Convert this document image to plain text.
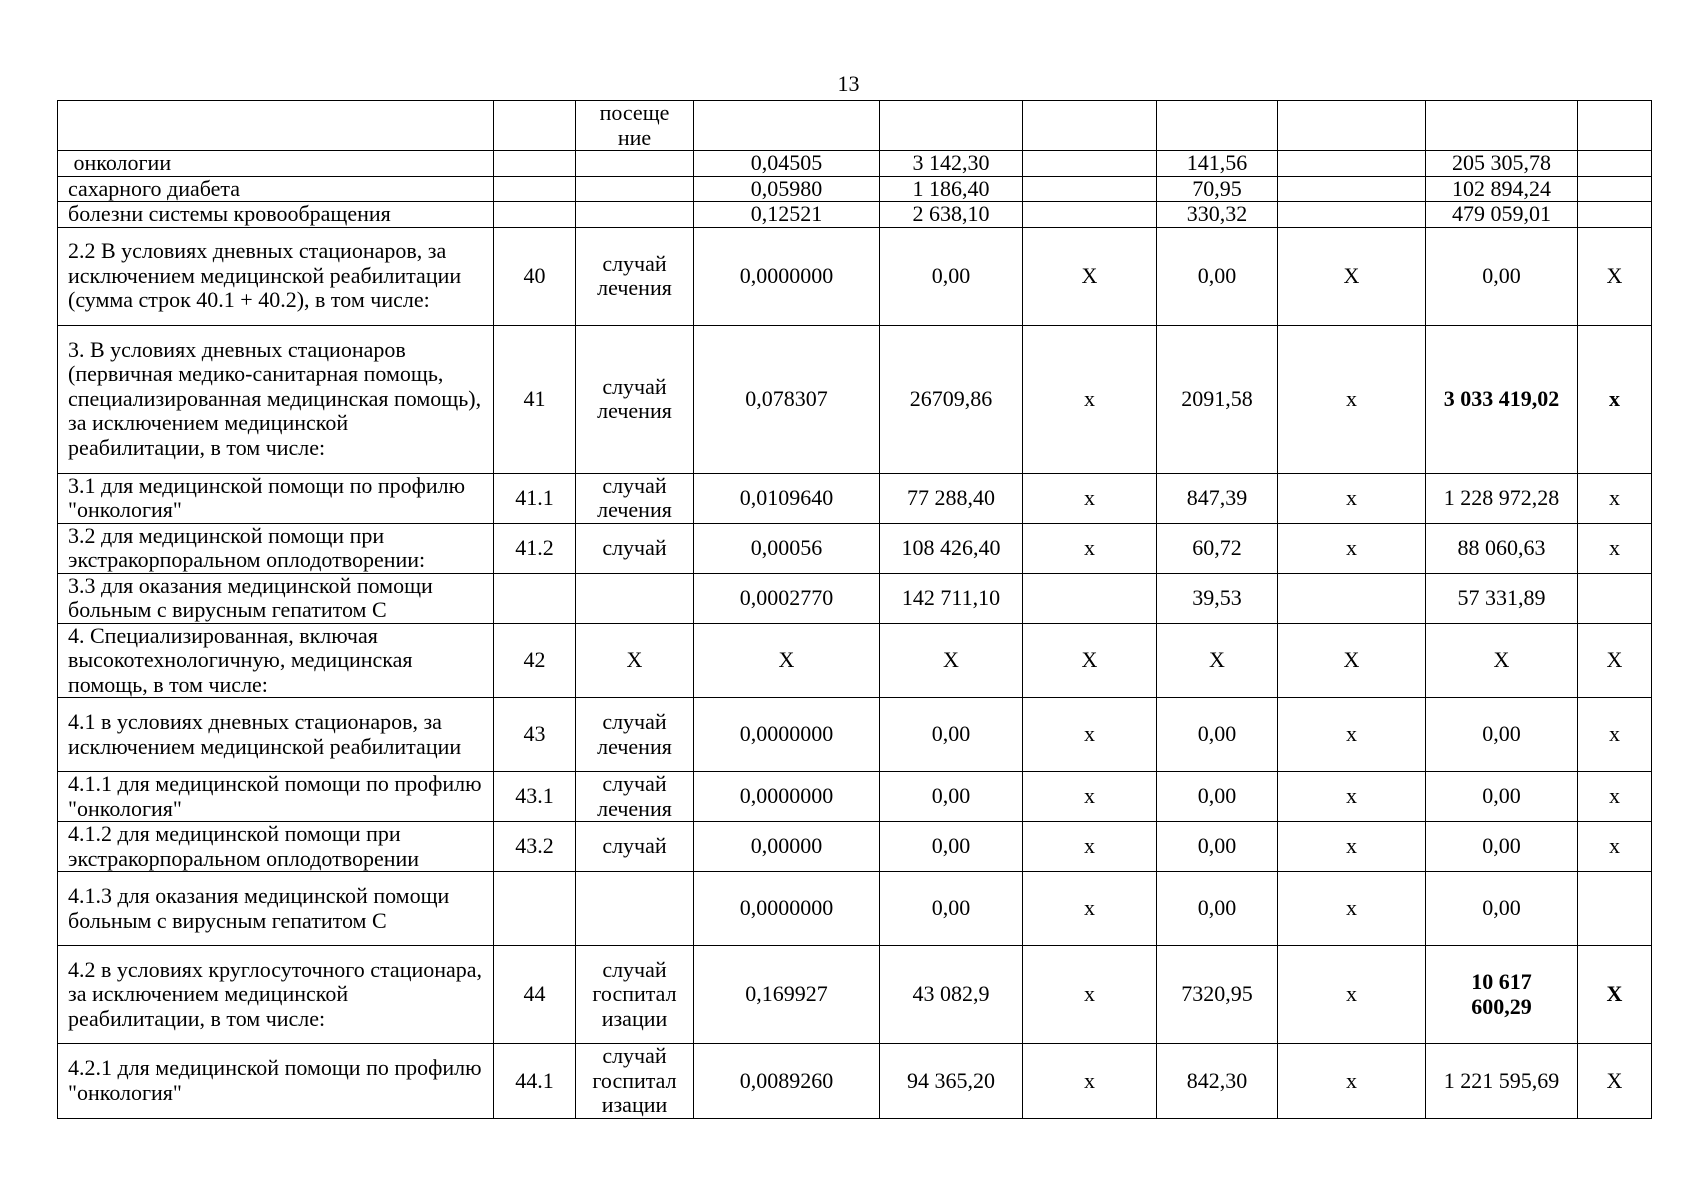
13
		посеще ние							
онкологии			0,04505	3 142,30		141,56		205 305,78	
сахарного диабета			0,05980	1 186,40		70,95		102 894,24	
болезни системы кровообращения			0,12521	2 638,10		330,32		479 059,01	
2.2 В условиях дневных стационаров, за исключением медицинской реабилитации (сумма строк 40.1 + 40.2), в том числе:	40	случай лечения	0,0000000	0,00	X	0,00	X	0,00	X
3. В условиях дневных стационаров (первичная медико-санитарная помощь, специализированная медицинская помощь), за исключением медицинской реабилитации, в том числе:	41	случай лечения	0,078307	26709,86	х	2091,58	х	3 033 419,02	х
3.1 для медицинской помощи по профилю "онкология"	41.1	случай лечения	0,0109640	77 288,40	х	847,39	х	1 228 972,28	х
3.2 для медицинской помощи при экстракорпоральном оплодотворении:	41.2	случай	0,00056	108 426,40	х	60,72	х	88 060,63	х
3.3 для оказания медицинской помощи больным с вирусным гепатитом С			0,0002770	142 711,10		39,53		57 331,89	
4. Специализированная, включая высокотехнологичную, медицинская помощь, в том числе:	42	X	X	X	X	X	X	X	X
4.1 в условиях дневных стационаров, за исключением медицинской реабилитации	43	случай лечения	0,0000000	0,00	х	0,00	х	0,00	х
4.1.1 для медицинской помощи по профилю "онкология"	43.1	случай лечения	0,0000000	0,00	х	0,00	х	0,00	х
4.1.2 для медицинской помощи при экстракорпоральном оплодотворении	43.2	случай	0,00000	0,00	х	0,00	х	0,00	х
4.1.3 для оказания медицинской помощи больным с вирусным гепатитом С			0,0000000	0,00	х	0,00	х	0,00	
4.2 в условиях круглосуточного стационара, за исключением медицинской реабилитации, в том числе:	44	случай госпитал изации	0,169927	43 082,9	х	7320,95	х	10 617 600,29	X
4.2.1 для медицинской помощи по профилю "онкология"	44.1	случай госпитал изации	0,0089260	94 365,20	х	842,30	х	1 221 595,69	X
